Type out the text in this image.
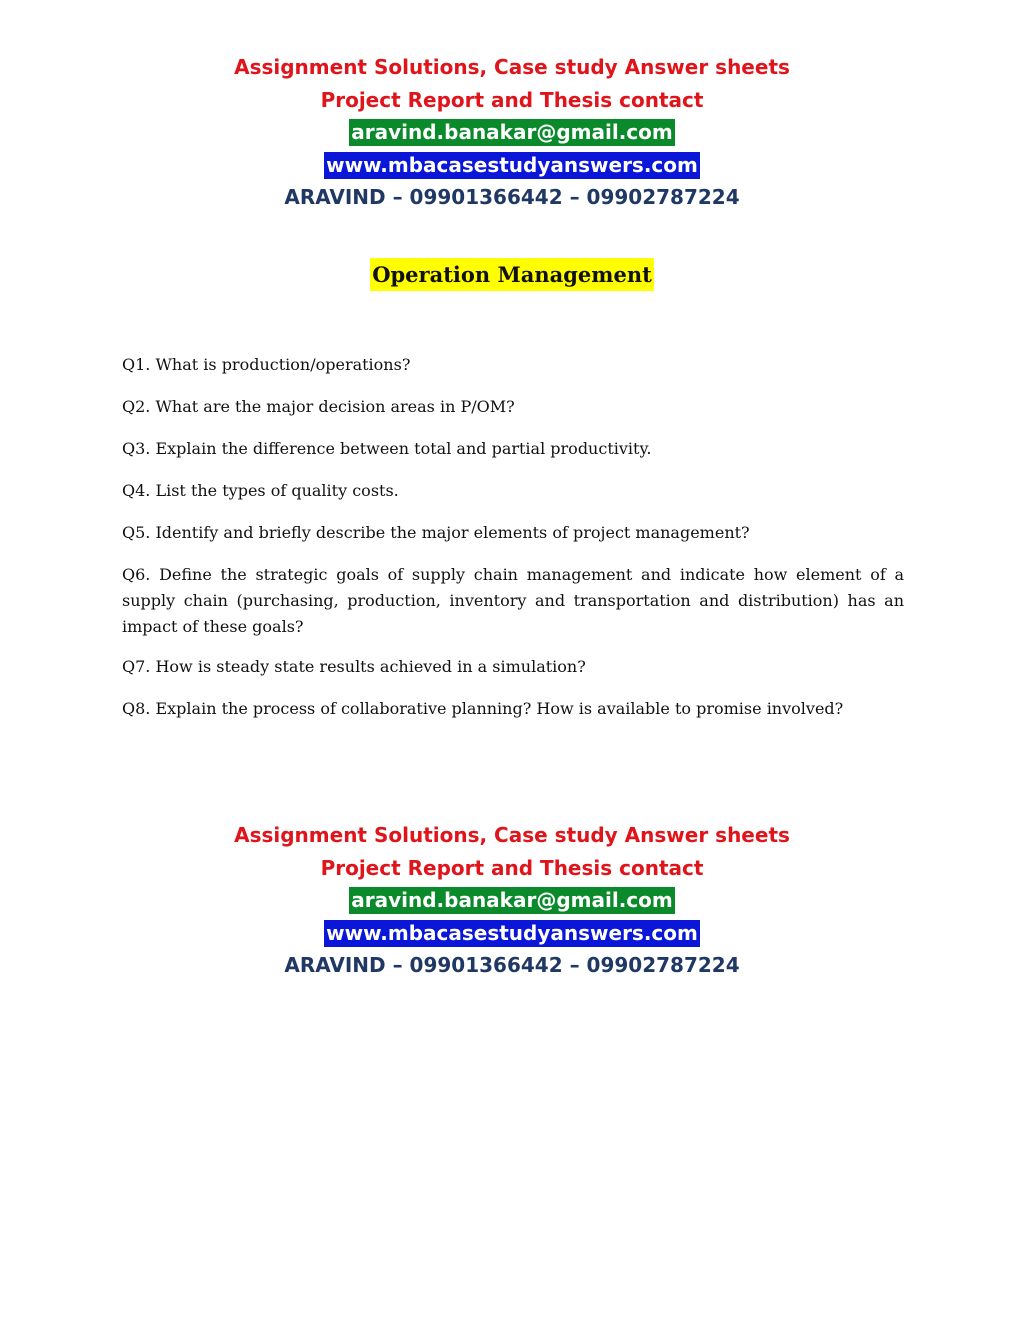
Assignment Solutions, Case study Answer sheets
Project Report and Thesis contact
aravind.banakar@gmail.com
www.mbacasestudyanswers.com
ARAVIND – 09901366442 – 09902787224
Operation Management
Q1. What is production/operations?
Q2. What are the major decision areas in P/OM?
Q3. Explain the difference between total and partial productivity.
Q4. List the types of quality costs.
Q5. Identify and briefly describe the major elements of project management?
Q6. Define the strategic goals of supply chain management and indicate how element of a supply chain (purchasing, production, inventory and transportation and distribution) has an impact of these goals?
Q7. How is steady state results achieved in a simulation?
Q8. Explain the process of collaborative planning? How is available to promise involved?
Assignment Solutions, Case study Answer sheets
Project Report and Thesis contact
aravind.banakar@gmail.com
www.mbacasestudyanswers.com
ARAVIND – 09901366442 – 09902787224
